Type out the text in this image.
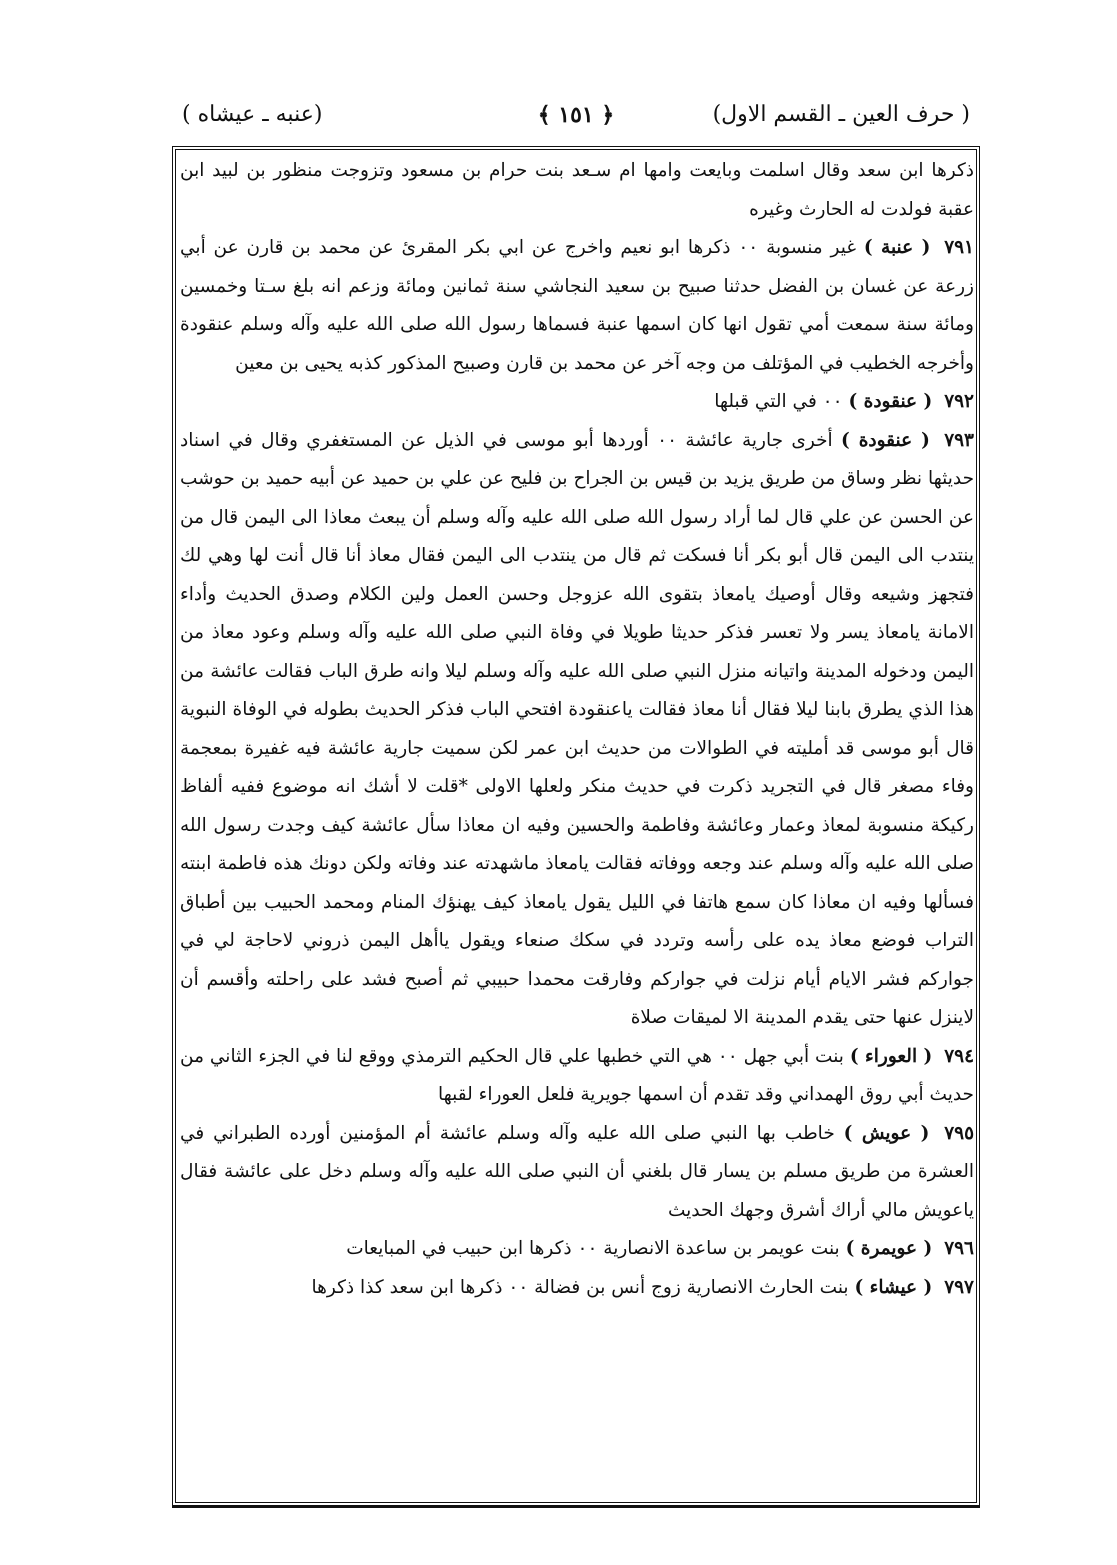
( حرف العين ـ القسم الاول)
﴿ ١٥١ ﴾
(عنبه ـ عيشاه )

ذكرها ابن سعد وقال اسلمت وبايعت وامها ام سـعد بنت حرام بن مسعود وتزوجت منظور بن لبيد ابن عقبة فولدت له الحارث وغيره

٧٩١ ( عنبة ) غير منسوبة ٠٠ ذكرها ابو نعيم واخرج عن ابي بكر المقرئ عن محمد بن قارن عن أبي زرعة عن غسان بن الفضل حدثنا صبيح بن سعيد النجاشي سنة ثمانين ومائة وزعم انه بلغ سـتا وخمسين ومائة سنة سمعت أمي تقول انها كان اسمها عنبة فسماها رسول الله صلى الله عليه وآله وسلم عنقودة وأخرجه الخطيب في المؤتلف من وجه آخر عن محمد بن قارن وصبيح المذكور كذبه يحيى بن معين

٧٩٢ ( عنقودة ) ٠٠ في التي قبلها

٧٩٣ ( عنقودة ) أخرى جارية عائشة ٠٠ أوردها أبو موسى في الذيل عن المستغفري وقال في اسناد حديثها نظر وساق من طريق يزيد بن قيس بن الجراح بن فليح عن علي بن حميد عن أبيه حميد بن حوشب عن الحسن عن علي قال لما أراد رسول الله صلى الله عليه وآله وسلم أن يبعث معاذا الى اليمن قال من ينتدب الى اليمن قال أبو بكر أنا فسكت ثم قال من ينتدب الى اليمن فقال معاذ أنا قال أنت لها وهي لك فتجهز وشيعه وقال أوصيك يامعاذ بتقوى الله عزوجل وحسن العمل ولين الكلام وصدق الحديث وأداء الامانة يامعاذ يسر ولا تعسر فذكر حديثا طويلا في وفاة النبي صلى الله عليه وآله وسلم وعود معاذ من اليمن ودخوله المدينة واتيانه منزل النبي صلى الله عليه وآله وسلم ليلا وانه طرق الباب فقالت عائشة من هذا الذي يطرق بابنا ليلا فقال أنا معاذ فقالت ياعنقودة افتحي الباب فذكر الحديث بطوله في الوفاة النبوية قال أبو موسى قد أمليته في الطوالات من حديث ابن عمر لكن سميت جارية عائشة فيه غفيرة بمعجمة وفاء مصغر قال في التجريد ذكرت في حديث منكر ولعلها الاولى *قلت لا أشك انه موضوع ففيه ألفاظ ركيكة منسوبة لمعاذ وعمار وعائشة وفاطمة والحسين وفيه ان معاذا سأل عائشة كيف وجدت رسول الله صلى الله عليه وآله وسلم عند وجعه ووفاته فقالت يامعاذ ماشهدته عند وفاته ولكن دونك هذه فاطمة ابنته فسألها وفيه ان معاذا كان سمع هاتفا في الليل يقول يامعاذ كيف يهنؤك المنام ومحمد الحبيب بين أطباق التراب فوضع معاذ يده على رأسه وتردد في سكك صنعاء ويقول ياأهل اليمن ذروني لاحاجة لي في جواركم فشر الايام أيام نزلت في جواركم وفارقت محمدا حبيبي ثم أصبح فشد على راحلته وأقسم أن لاينزل عنها حتى يقدم المدينة الا لميقات صلاة

٧٩٤ ( العوراء ) بنت أبي جهل ٠٠ هي التي خطبها علي قال الحكيم الترمذي ووقع لنا في الجزء الثاني من حديث أبي روق الهمداني وقد تقدم أن اسمها جويرية فلعل العوراء لقبها

٧٩٥ ( عويش ) خاطب بها النبي صلى الله عليه وآله وسلم عائشة أم المؤمنين أورده الطبراني في العشرة من طريق مسلم بن يسار قال بلغني أن النبي صلى الله عليه وآله وسلم دخل على عائشة فقال ياعويش مالي أراك أشرق وجهك الحديث

٧٩٦ ( عويمرة ) بنت عويمر بن ساعدة الانصارية ٠٠ ذكرها ابن حبيب في المبايعات

٧٩٧ ( عيشاء ) بنت الحارث الانصارية زوج أنس بن فضالة ٠٠ ذكرها ابن سعد كذا ذكرها
